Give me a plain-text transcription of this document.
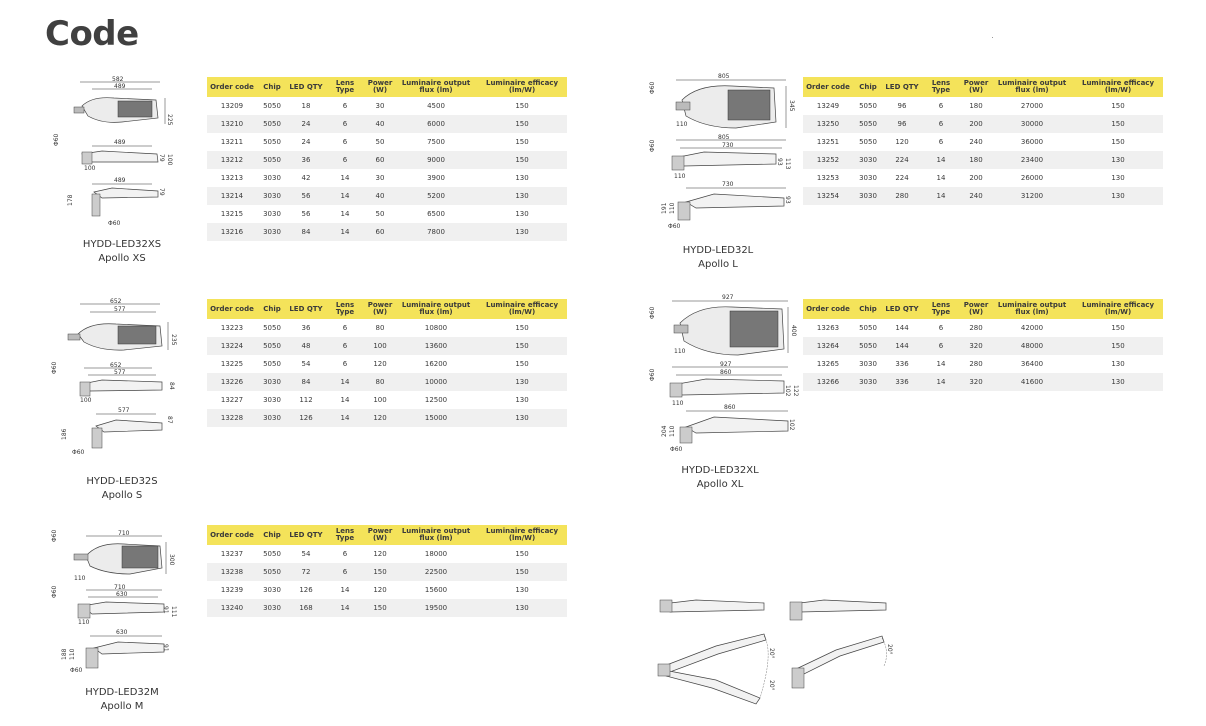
Code
Order code	Chip	LED QTY	Lens Type	Power (W)	Luminaire output flux (lm)	Luminaire efficacy (lm/W)
13209	5050	18	6	30	4500	150
13210	5050	24	6	40	6000	150
13211	5050	24	6	50	7500	150
13212	5050	36	6	60	9000	150
13213	3030	42	14	30	3900	130
13214	3030	56	14	40	5200	130
13215	3030	56	14	50	6500	130
13216	3030	84	14	60	7800	130
Order code	Chip	LED QTY	Lens Type	Power (W)	Luminaire output flux (lm)	Luminaire efficacy (lm/W)
13223	5050	36	6	80	10800	150
13224	5050	48	6	100	13600	150
13225	5050	54	6	120	16200	150
13226	3030	84	14	80	10000	130
13227	3030	112	14	100	12500	130
13228	3030	126	14	120	15000	130
Order code	Chip	LED QTY	Lens Type	Power (W)	Luminaire output flux (lm)	Luminaire efficacy (lm/W)
13237	5050	54	6	120	18000	150
13238	5050	72	6	150	22500	150
13239	3030	126	14	120	15600	130
13240	3030	168	14	150	19500	130
Order code	Chip	LED QTY	Lens Type	Power (W)	Luminaire output flux (lm)	Luminaire efficacy (lm/W)
13249	5050	96	6	180	27000	150
13250	5050	96	6	200	30000	150
13251	5050	120	6	240	36000	150
13252	3030	224	14	180	23400	130
13253	3030	224	14	200	26000	130
13254	3030	280	14	240	31200	130
Order code	Chip	LED QTY	Lens Type	Power (W)	Luminaire output flux (lm)	Luminaire efficacy (lm/W)
13263	5050	144	6	280	42000	150
13264	5050	144	6	320	48000	150
13265	3030	336	14	280	36400	130
13266	3030	336	14	320	41600	130
HYDD-LED32XS
Apollo XS
HYDD-LED32S
Apollo S
HYDD-LED32M
Apollo M
HYDD-LED32L
Apollo L
HYDD-LED32XL
Apollo XL
582
489
225
489
Φ60
79 100
100
489
178
79
Φ60
652
577
235
652
577
Φ60
84
100
577
186
87
Φ60
710
300
Φ60
110
710
630
91 111
Φ60
110
630
188 110
91
Φ60
805
Φ60
345
110
805
730
Φ60
93 113
110
730
191 110
93
Φ60
927
Φ60
400
110
927
860
Φ60
102 122
110
860
204 110
102
Φ60
20°
20°
20°
